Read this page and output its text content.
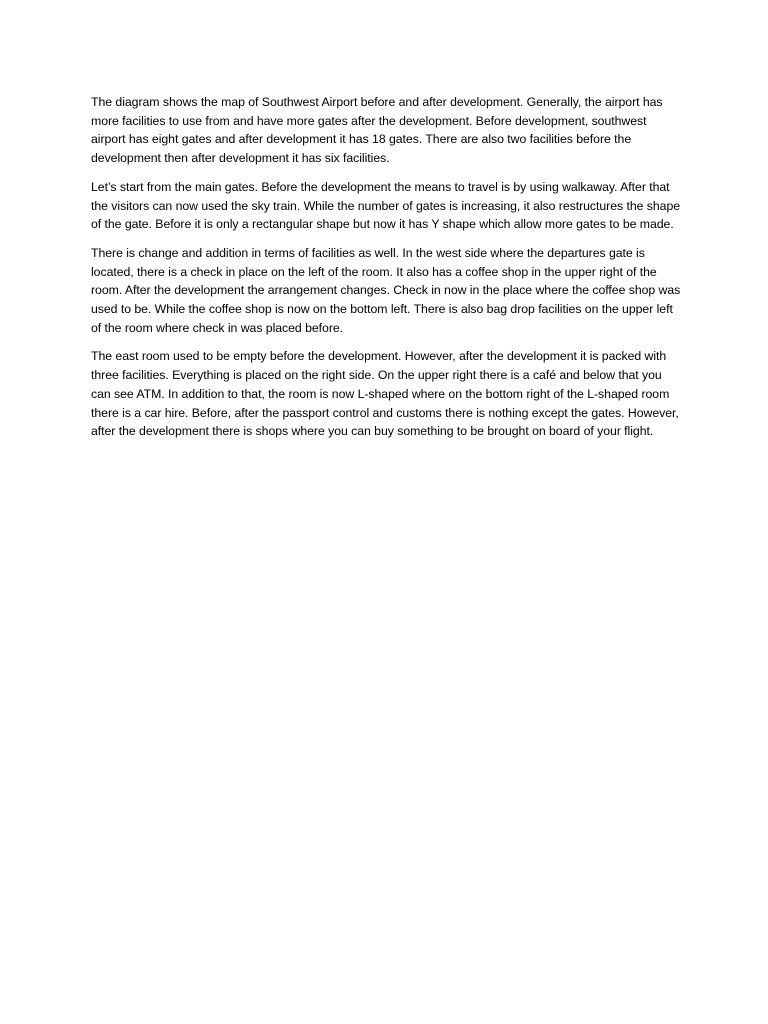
The diagram shows the map of Southwest Airport before and after development. Generally, the airport has more facilities to use from and have more gates after the development. Before development, southwest airport has eight gates and after development it has 18 gates. There are also two facilities before the development then after development it has six facilities.

Let’s start from the main gates. Before the development the means to travel is by using walkaway. After that the visitors can now used the sky train. While the number of gates is increasing, it also restructures the shape of the gate. Before it is only a rectangular shape but now it has Y shape which allow more gates to be made.

There is change and addition in terms of facilities as well. In the west side where the departures gate is located, there is a check in place on the left of the room. It also has a coffee shop in the upper right of the room. After the development the arrangement changes. Check in now in the place where the coffee shop was used to be. While the coffee shop is now on the bottom left. There is also bag drop facilities on the upper left of the room where check in was placed before.

The east room used to be empty before the development. However, after the development it is packed with three facilities. Everything is placed on the right side. On the upper right there is a café and below that you can see ATM. In addition to that, the room is now L-shaped where on the bottom right of the L-shaped room there is a car hire. Before, after the passport control and customs there is nothing except the gates. However, after the development there is shops where you can buy something to be brought on board of your flight.
